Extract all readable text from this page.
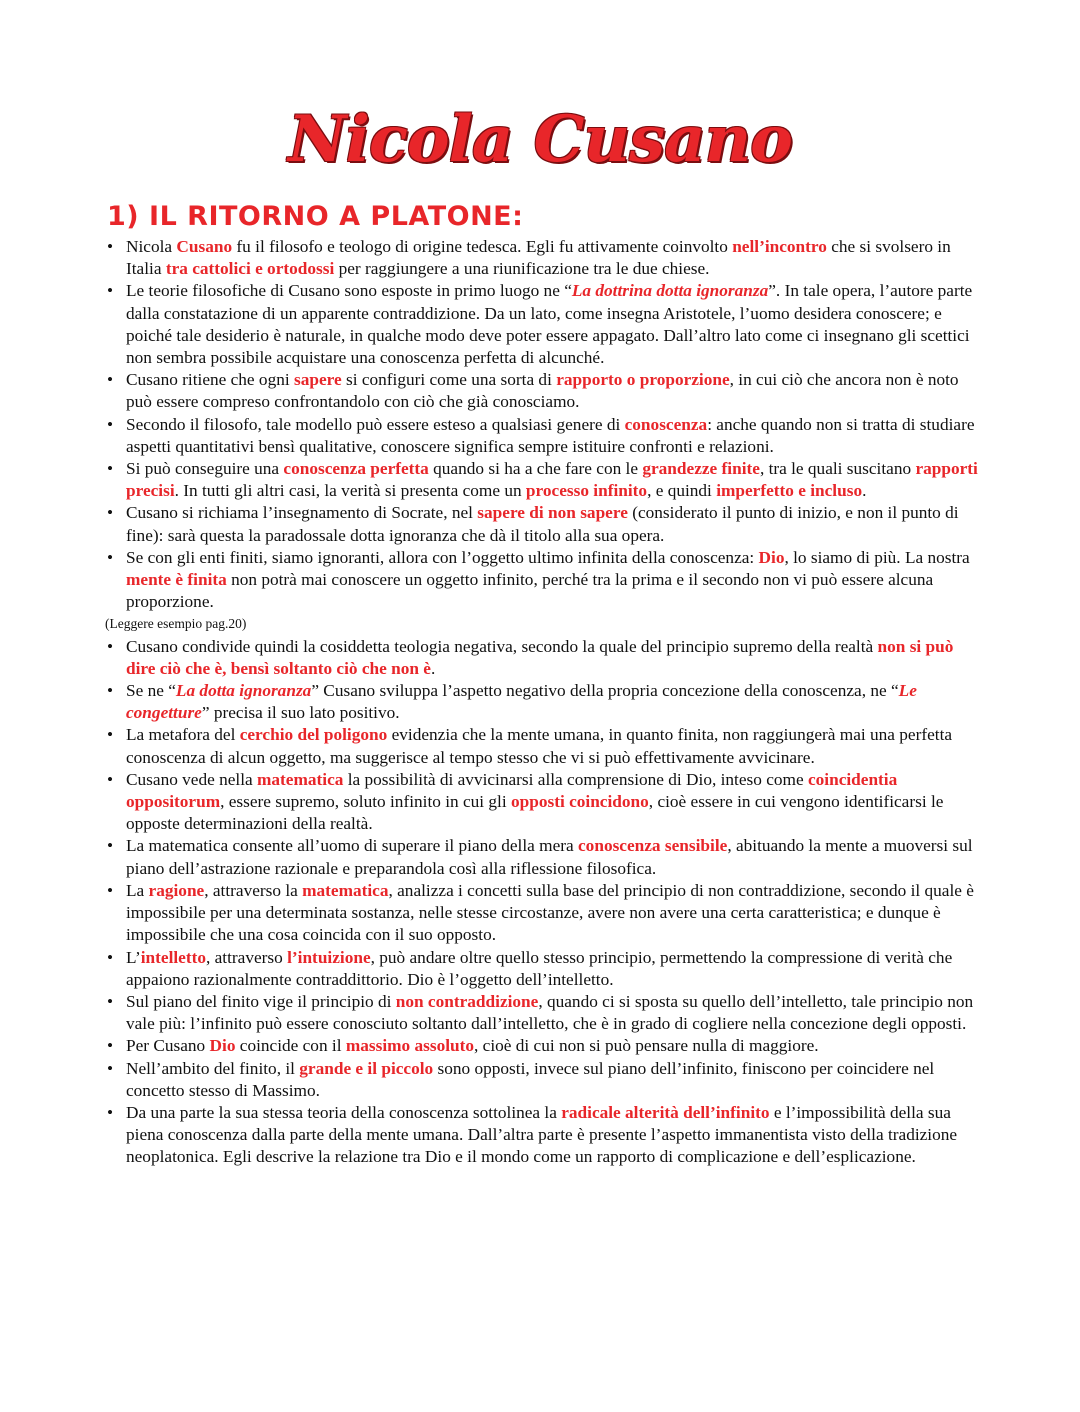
Nicola Cusano
1) IL RITORNO A PLATONE:

• Nicola Cusano fu il filosofo e teologo di origine tedesca. Egli fu attivamente coinvolto nell’incontro che si svolsero in Italia tra cattolici e ortodossi per raggiungere a una riunificazione tra le due chiese.

• Le teorie filosofiche di Cusano sono esposte in primo luogo ne “La dottrina dotta ignoranza”. In tale opera, l’autore parte dalla constatazione di un apparente contraddizione. Da un lato, come insegna Aristotele, l’uomo desidera conoscere; e poiché tale desiderio è naturale, in qualche modo deve poter essere appagato. Dall’altro lato come ci insegnano gli scettici non sembra possibile acquistare una conoscenza perfetta di alcunché.

• Cusano ritiene che ogni sapere si configuri come una sorta di rapporto o proporzione, in cui ciò che ancora non è noto può essere compreso confrontandolo con ciò che già conosciamo.

• Secondo il filosofo, tale modello può essere esteso a qualsiasi genere di conoscenza: anche quando non si tratta di studiare aspetti quantitativi bensì qualitative, conoscere significa sempre istituire confronti e relazioni.

• Si può conseguire una conoscenza perfetta quando si ha a che fare con le grandezze finite, tra le quali suscitano rapporti precisi. In tutti gli altri casi, la verità si presenta come un processo infinito, e quindi imperfetto e incluso.

• Cusano si richiama l’insegnamento di Socrate, nel sapere di non sapere (considerato il punto di inizio, e non il punto di fine): sarà questa la paradossale dotta ignoranza che dà il titolo alla sua opera.

• Se con gli enti finiti, siamo ignoranti, allora con l’oggetto ultimo infinita della conoscenza: Dio, lo siamo di più. La nostra mente è finita non potrà mai conoscere un oggetto infinito, perché tra la prima e il secondo non vi può essere alcuna proporzione.

(Leggere esempio pag.20)

• Cusano condivide quindi la cosiddetta teologia negativa, secondo la quale del principio supremo della realtà non si può dire ciò che è, bensì soltanto ciò che non è.

• Se ne “La dotta ignoranza” Cusano sviluppa l’aspetto negativo della propria concezione della conoscenza, ne “Le congetture” precisa il suo lato positivo.

• La metafora del cerchio del poligono evidenzia che la mente umana, in quanto finita, non raggiungerà mai una perfetta conoscenza di alcun oggetto, ma suggerisce al tempo stesso che vi si può effettivamente avvicinare.

• Cusano vede nella matematica la possibilità di avvicinarsi alla comprensione di Dio, inteso come coincidentia oppositorum, essere supremo, soluto infinito in cui gli opposti coincidono, cioè essere in cui vengono identificarsi le opposte determinazioni della realtà.

• La matematica consente all’uomo di superare il piano della mera conoscenza sensibile, abituando la mente a muoversi sul piano dell’astrazione razionale e preparandola così alla riflessione filosofica.

• La ragione, attraverso la matematica, analizza i concetti sulla base del principio di non contraddizione, secondo il quale è impossibile per una determinata sostanza, nelle stesse circostanze, avere non avere una certa caratteristica; e dunque è impossibile che una cosa coincida con il suo opposto.

• L’intelletto, attraverso l’intuizione, può andare oltre quello stesso principio, permettendo la compressione di verità che appaiono razionalmente contraddittorio. Dio è l’oggetto dell’intelletto.

• Sul piano del finito vige il principio di non contraddizione, quando ci si sposta su quello dell’intelletto, tale principio non vale più: l’infinito può essere conosciuto soltanto dall’intelletto, che è in grado di cogliere nella concezione degli opposti.

• Per Cusano Dio coincide con il massimo assoluto, cioè di cui non si può pensare nulla di maggiore.

• Nell’ambito del finito, il grande e il piccolo sono opposti, invece sul piano dell’infinito, finiscono per coincidere nel concetto stesso di Massimo.

• Da una parte la sua stessa teoria della conoscenza sottolinea la radicale alterità dell’infinito e l’impossibilità della sua piena conoscenza dalla parte della mente umana. Dall’altra parte è presente l’aspetto immanentista visto della tradizione neoplatonica. Egli descrive la relazione tra Dio e il mondo come un rapporto di complicazione e dell’esplicazione.
